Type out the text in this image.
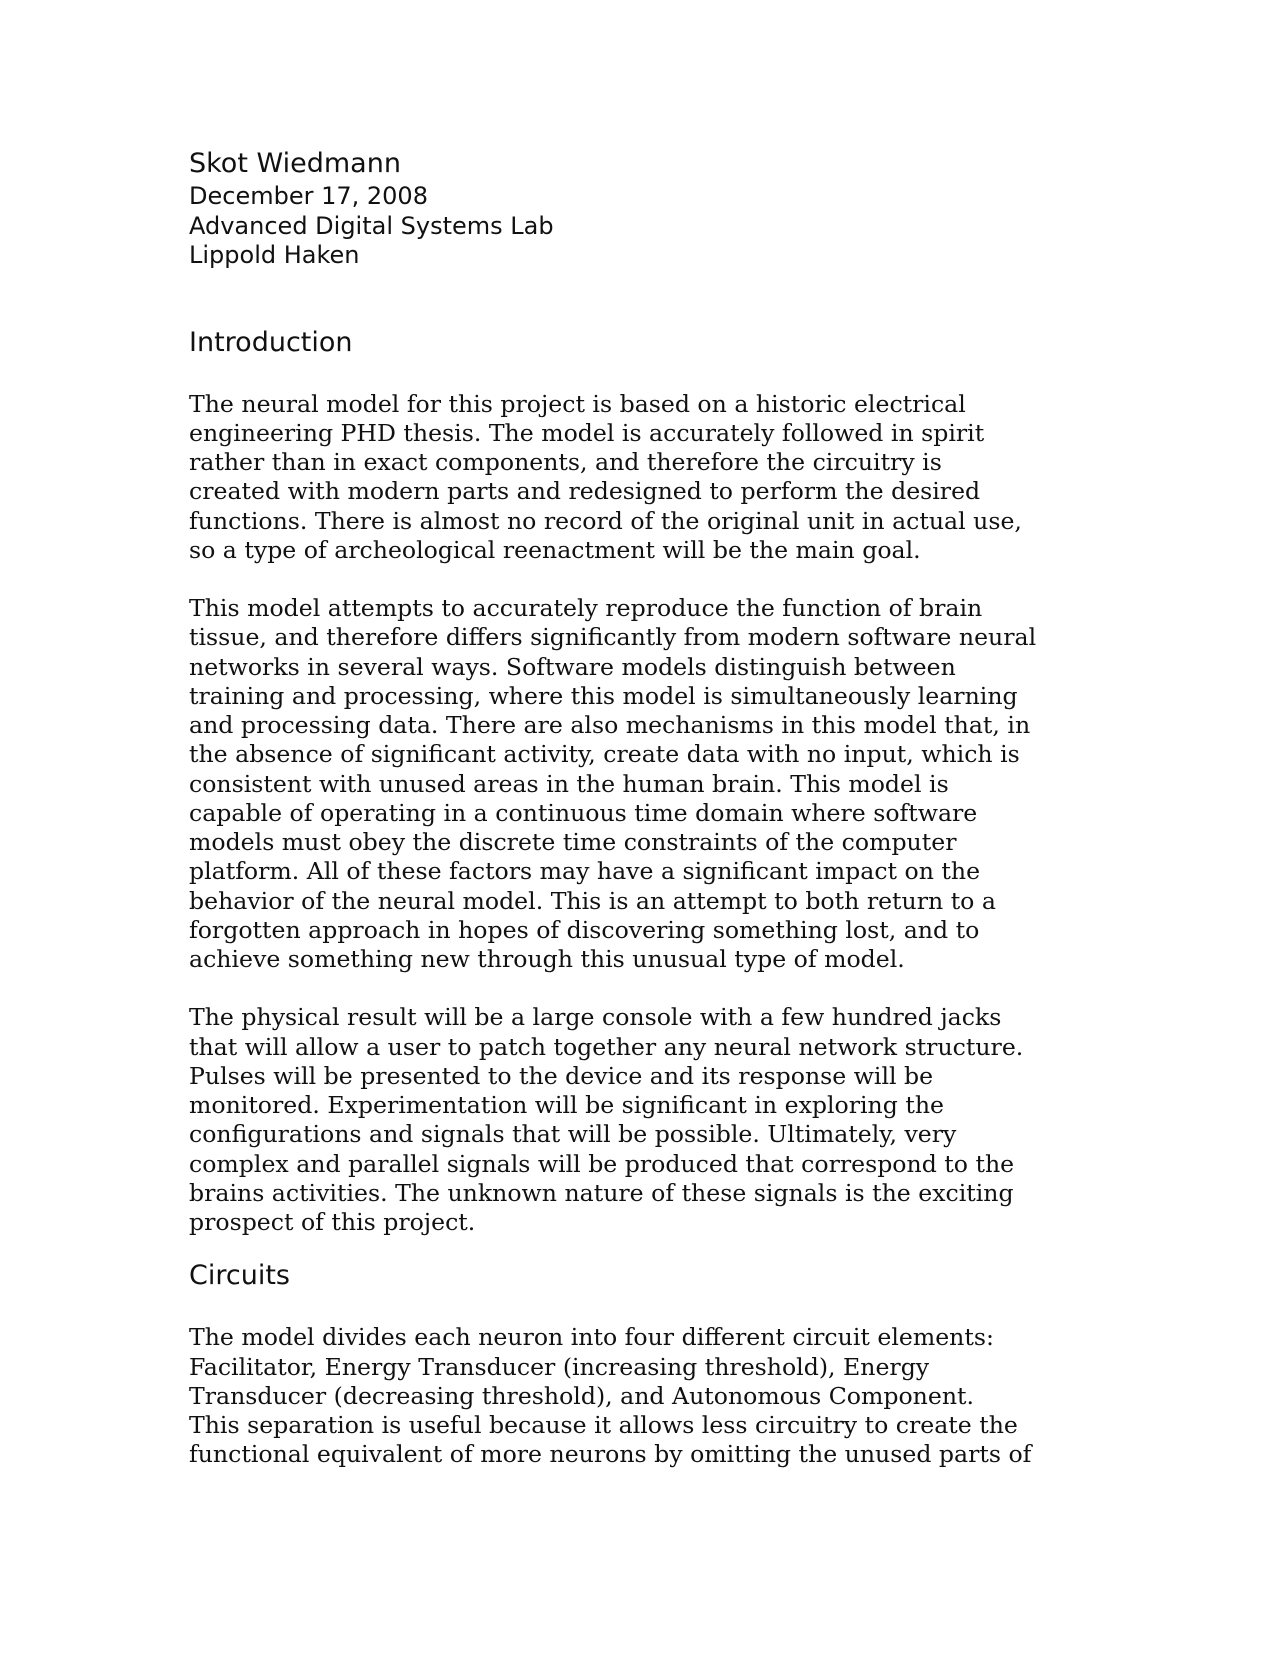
Skot Wiedmann

December 17, 2008

Advanced Digital Systems Lab

Lippold Haken

Introduction

The neural model for this project is based on a historic electrical
engineering PHD thesis. The model is accurately followed in spirit
rather than in exact components, and therefore the circuitry is
created with modern parts and redesigned to perform the desired
functions. There is almost no record of the original unit in actual use,
so a type of archeological reenactment will be the main goal.

This model attempts to accurately reproduce the function of brain
tissue, and therefore differs significantly from modern software neural
networks in several ways. Software models distinguish between
training and processing, where this model is simultaneously learning
and processing data. There are also mechanisms in this model that, in
the absence of significant activity, create data with no input, which is
consistent with unused areas in the human brain. This model is
capable of operating in a continuous time domain where software
models must obey the discrete time constraints of the computer
platform. All of these factors may have a significant impact on the
behavior of the neural model. This is an attempt to both return to a
forgotten approach in hopes of discovering something lost, and to
achieve something new through this unusual type of model.

The physical result will be a large console with a few hundred jacks
that will allow a user to patch together any neural network structure.
Pulses will be presented to the device and its response will be
monitored. Experimentation will be significant in exploring the
configurations and signals that will be possible. Ultimately, very
complex and parallel signals will be produced that correspond to the
brains activities. The unknown nature of these signals is the exciting
prospect of this project.

Circuits

The model divides each neuron into four different circuit elements:
Facilitator, Energy Transducer (increasing threshold), Energy
Transducer (decreasing threshold), and Autonomous Component.
This separation is useful because it allows less circuitry to create the
functional equivalent of more neurons by omitting the unused parts of
